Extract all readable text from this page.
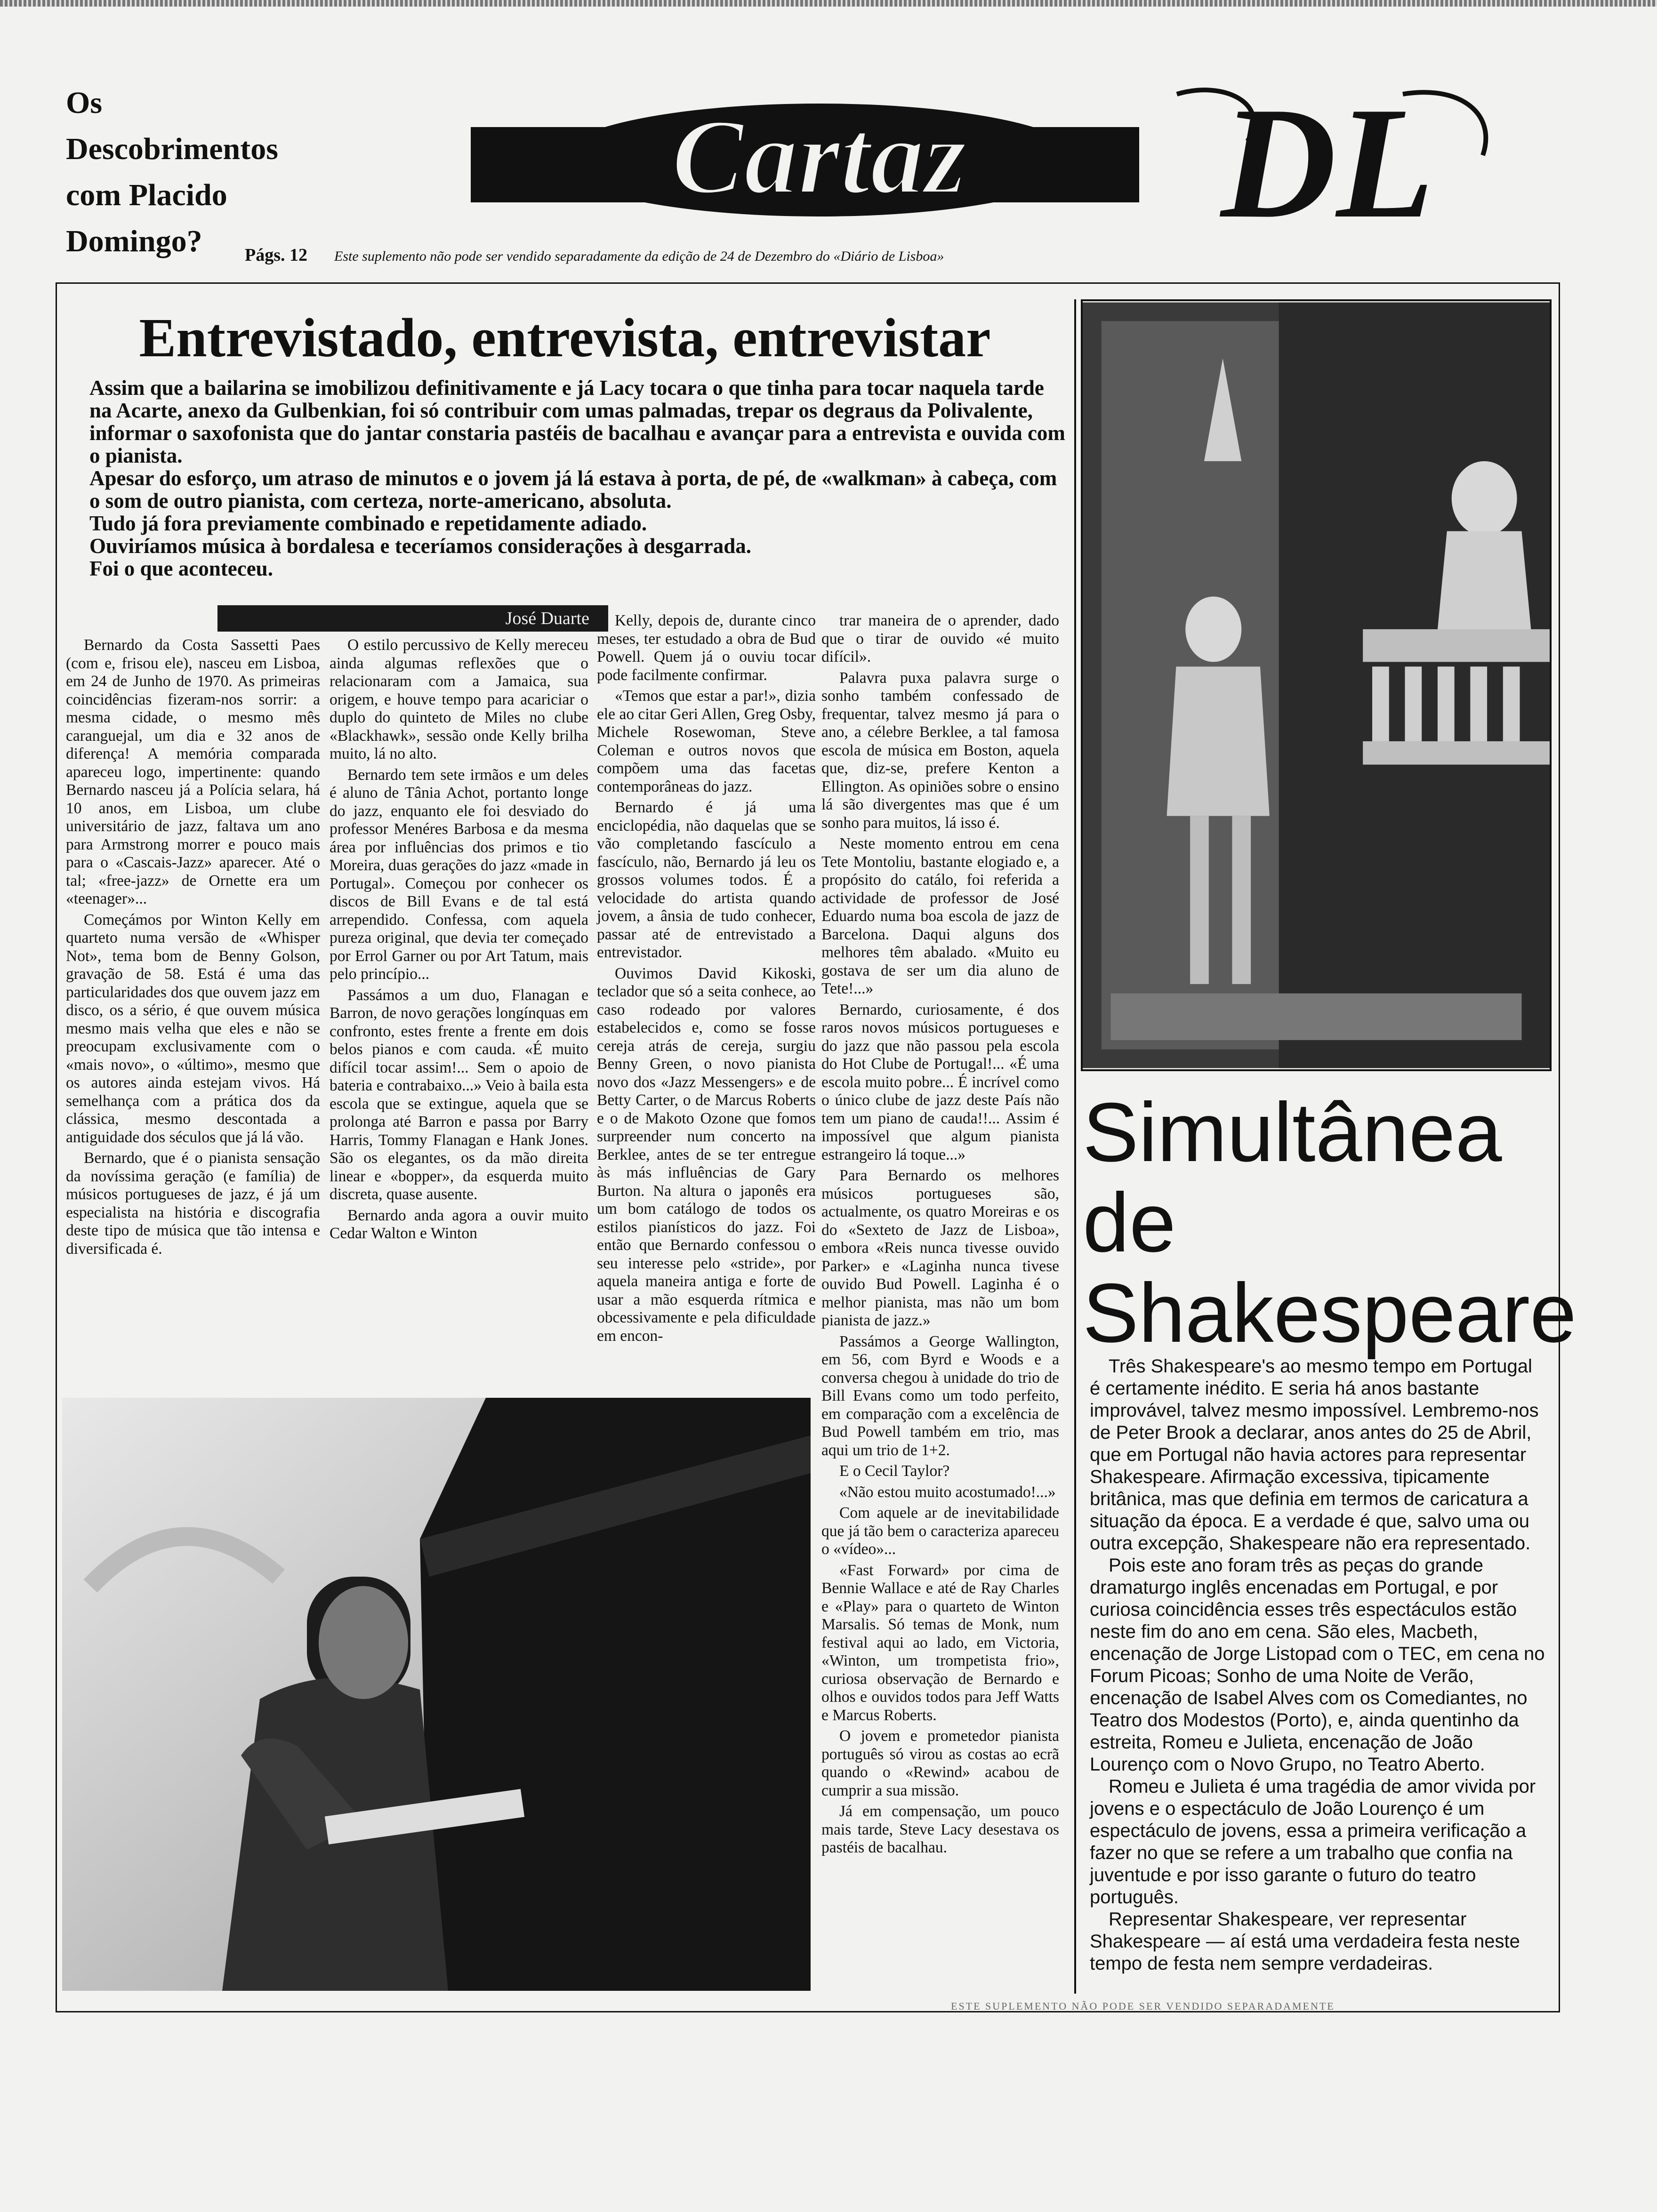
Os
Descobrimentos
com Placido
Domingo?
Cartaz DL
Págs. 12 Este suplemento não pode ser vendido separadamente da edição de 24 de Dezembro do «Diário de Lisboa»
Entrevistado, entrevista, entrevistar

Assim que a bailarina se imobilizou definitivamente e já Lacy tocara o que tinha para tocar naquela tarde na Acarte, anexo da Gulbenkian, foi só contribuir com umas palmadas, trepar os degraus da Polivalente, informar o saxofonista que do jantar constaria pastéis de bacalhau e avançar para a entrevista e ouvida com o pianista.

Apesar do esforço, um atraso de minutos e o jovem já lá estava à porta, de pé, de «walkman» à cabeça, com o som de outro pianista, com certeza, norte-americano, absoluta.

Tudo já fora previamente combinado e repetidamente adiado.

Ouviríamos música à bordalesa e teceríamos considerações à desgarrada.

Foi o que aconteceu.

José Duarte

Bernardo da Costa Sassetti Paes (com e, frisou ele), nasceu em Lisboa, em 24 de Junho de 1970. As primeiras coincidências fizeram-nos sorrir: a mesma cidade, o mesmo mês caranguejal, um dia e 32 anos de diferença! A memória comparada apareceu logo, impertinente: quando Bernardo nasceu já a Polícia selara, há 10 anos, em Lisboa, um clube universitário de jazz, faltava um ano para Armstrong morrer e pouco mais para o «Cascais-Jazz» aparecer. Até o tal; «free-jazz» de Ornette era um «teenager»...

Começámos por Winton Kelly em quarteto numa versão de «Whisper Not», tema bom de Benny Golson, gravação de 58. Está é uma das particularidades dos que ouvem jazz em disco, os a sério, é que ouvem música mesmo mais velha que eles e não se preocupam exclusivamente com o «mais novo», o «último», mesmo que os autores ainda estejam vivos. Há semelhança com a prática dos da clássica, mesmo descontada a antiguidade dos séculos que já lá vão.

Bernardo, que é o pianista sensação da novíssima geração (e família) de músicos portugueses de jazz, é já um especialista na história e discografia deste tipo de música que tão intensa e diversificada é.

O estilo percussivo de Kelly mereceu ainda algumas reflexões que o relacionaram com a Jamaica, sua origem, e houve tempo para acariciar o duplo do quinteto de Miles no clube «Blackhawk», sessão onde Kelly brilha muito, lá no alto.

Bernardo tem sete irmãos e um deles é aluno de Tânia Achot, portanto longe do jazz, enquanto ele foi desviado do professor Menéres Barbosa e da mesma área por influências dos primos e tio Moreira, duas gerações do jazz «made in Portugal». Começou por conhecer os discos de Bill Evans e de tal está arrependido. Confessa, com aquela pureza original, que devia ter começado por Errol Garner ou por Art Tatum, mais pelo princípio...

Passámos a um duo, Flanagan e Barron, de novo gerações longínquas em confronto, estes frente a frente em dois belos pianos e com cauda. «É muito difícil tocar assim!... Sem o apoio de bateria e contrabaixo...» Veio à baila esta escola que se extingue, aquela que se prolonga até Barron e passa por Barry Harris, Tommy Flanagan e Hank Jones. São os elegantes, os da mão direita linear e «bopper», da esquerda muito discreta, quase ausente.

Bernardo anda agora a ouvir muito Cedar Walton e Winton

Kelly, depois de, durante cinco meses, ter estudado a obra de Bud Powell. Quem já o ouviu tocar pode facilmente confirmar.

«Temos que estar a par!», dizia ele ao citar Geri Allen, Greg Osby, Michele Rosewoman, Steve Coleman e outros novos que compõem uma das facetas contemporâneas do jazz.

Bernardo é já uma enciclopédia, não daquelas que se vão completando fascículo a fascículo, não, Bernardo já leu os grossos volumes todos. É a velocidade do artista quando jovem, a ânsia de tudo conhecer, passar até de entrevistado a entrevistador.

Ouvimos David Kikoski, teclador que só a seita conhece, ao caso rodeado por valores estabelecidos e, como se fosse cereja atrás de cereja, surgiu Benny Green, o novo pianista novo dos «Jazz Messengers» e de Betty Carter, o de Marcus Roberts e o de Makoto Ozone que fomos surpreender num concerto na Berklee, antes de se ter entregue às más influências de Gary Burton. Na altura o japonês era um bom catálogo de todos os estilos pianísticos do jazz. Foi então que Bernardo confessou o seu interesse pelo «stride», por aquela maneira antiga e forte de usar a mão esquerda rítmica e obcessivamente e pela dificuldade em encon-

trar maneira de o aprender, dado que o tirar de ouvido «é muito difícil».

Palavra puxa palavra surge o sonho também confessado de frequentar, talvez mesmo já para o ano, a célebre Berklee, a tal famosa escola de música em Boston, aquela que, diz-se, prefere Kenton a Ellington. As opiniões sobre o ensino lá são divergentes mas que é um sonho para muitos, lá isso é.

Neste momento entrou em cena Tete Montoliu, bastante elogiado e, a propósito do catálo, foi referida a actividade de professor de José Eduardo numa boa escola de jazz de Barcelona. Daqui alguns dos melhores têm abalado. «Muito eu gostava de ser um dia aluno de Tete!...»

Bernardo, curiosamente, é dos raros novos músicos portugueses e do jazz que não passou pela escola do Hot Clube de Portugal!... «É uma escola muito pobre... É incrível como o único clube de jazz deste País não tem um piano de cauda!!... Assim é impossível que algum pianista estrangeiro lá toque...»

Para Bernardo os melhores músicos portugueses são, actualmente, os quatro Moreiras e os do «Sexteto de Jazz de Lisboa», embora «Reis nunca tivesse ouvido Parker» e «Laginha nunca tivese ouvido Bud Powell. Laginha é o melhor pianista, mas não um bom pianista de jazz.»

Passámos a George Wallington, em 56, com Byrd e Woods e a conversa chegou à unidade do trio de Bill Evans como um todo perfeito, em comparação com a excelência de Bud Powell também em trio, mas aqui um trio de 1+2.

E o Cecil Taylor?

«Não estou muito acostumado!...»

Com aquele ar de inevitabilidade que já tão bem o caracteriza apareceu o «vídeo»...

«Fast Forward» por cima de Bennie Wallace e até de Ray Charles e «Play» para o quarteto de Winton Marsalis. Só temas de Monk, num festival aqui ao lado, em Victoria, «Winton, um trompetista frio», curiosa observação de Bernardo e olhos e ouvidos todos para Jeff Watts e Marcus Roberts.

O jovem e prometedor pianista português só virou as costas ao ecrã quando o «Rewind» acabou de cumprir a sua missão.

Já em compensação, um pouco mais tarde, Steve Lacy desestava os pastéis de bacalhau.

Simultânea
de
Shakespeare

Três Shakespeare's ao mesmo tempo em Portugal é certamente inédito. E seria há anos bastante improvável, talvez mesmo impossível. Lembremo-nos de Peter Brook a declarar, anos antes do 25 de Abril, que em Portugal não havia actores para representar Shakespeare. Afirmação excessiva, tipicamente britânica, mas que definia em termos de caricatura a situação da época. E a verdade é que, salvo uma ou outra excepção, Shakespeare não era representado.

Pois este ano foram três as peças do grande dramaturgo inglês encenadas em Portugal, e por curiosa coincidência esses três espectáculos estão neste fim do ano em cena. São eles, Macbeth, encenação de Jorge Listopad com o TEC, em cena no Forum Picoas; Sonho de uma Noite de Verão, encenação de Isabel Alves com os Comediantes, no Teatro dos Modestos (Porto), e, ainda quentinho da estreita, Romeu e Julieta, encenação de João Lourenço com o Novo Grupo, no Teatro Aberto.

Romeu e Julieta é uma tragédia de amor vivida por jovens e o espectáculo de João Lourenço é um espectáculo de jovens, essa a primeira verificação a fazer no que se refere a um trabalho que confia na juventude e por isso garante o futuro do teatro português.

Representar Shakespeare, ver representar Shakespeare — aí está uma verdadeira festa neste tempo de festa nem sempre verdadeiras.

ESTE SUPLEMENTO NÃO PODE SER VENDIDO SEPARADAMENTE
